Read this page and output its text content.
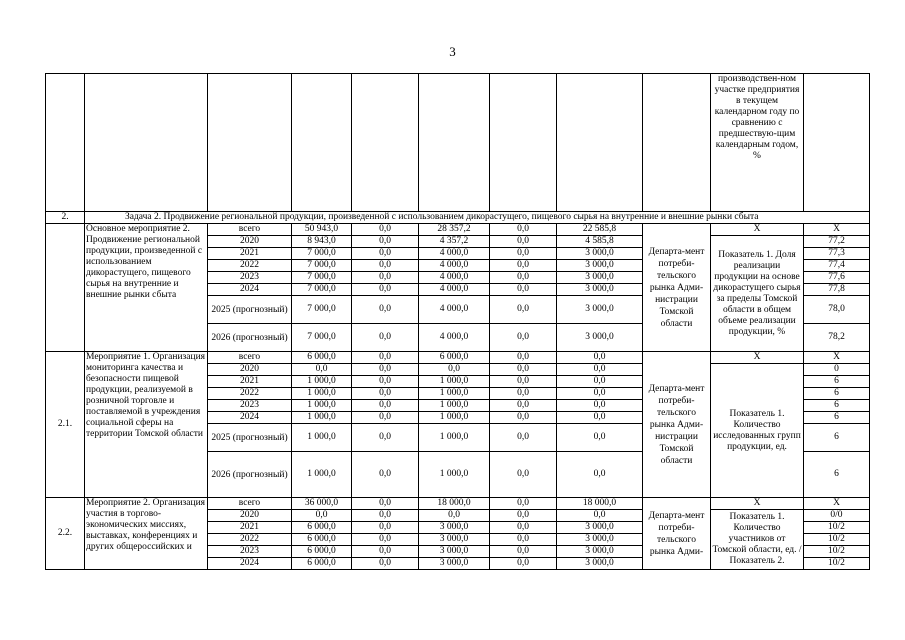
3
									производствен-ном участке предприятия в текущем календарном году по сравнению с предшествую-щим календарным годом, %	
2.	Задача 2. Продвижение региональной продукции, произведенной с использованием дикорастущего, пищевого сырья на внутренние и внешние рынки сбыта									
	Основное мероприятие 2. Продвижение региональной продукции, произведенной с использованием дикорастущего, пищевого сырья на внутренние и внешние рынки сбыта	всего	50 943,0	0,0	28 357,2	0,0	22 585,8	Департа-мент потреби-тельского рынка Адми-нистрации Томской области	X	X
		2020	8 943,0	0,0	4 357,2	0,0	4 585,8		Показатель 1. Доля реализации продукции на основе дикорастущего сырья за пределы Томской области в общем объеме реализации продукции, %	77,2
		2021	7 000,0	0,0	4 000,0	0,0	3 000,0			77,3
		2022	7 000,0	0,0	4 000,0	0,0	3 000,0			77,4
		2023	7 000,0	0,0	4 000,0	0,0	3 000,0			77,6
		2024	7 000,0	0,0	4 000,0	0,0	3 000,0			77,8
		2025 (прогнозный)	7 000,0	0,0	4 000,0	0,0	3 000,0			78,0
		2026 (прогнозный)	7 000,0	0,0	4 000,0	0,0	3 000,0			78,2
2.1.	Мероприятие 1. Организация мониторинга качества и безопасности пищевой продукции, реализуемой в розничной торговле и поставляемой в учреждения социальной сферы на территории Томской области	всего	6 000,0	0,0	6 000,0	0,0	0,0	Департа-мент потреби-тельского рынка Адми-нистрации Томской области	X	X
		2020	0,0	0,0	0,0	0,0	0,0		Показатель 1. Количество исследованных групп продукции, ед.	0
		2021	1 000,0	0,0	1 000,0	0,0	0,0			6
		2022	1 000,0	0,0	1 000,0	0,0	0,0			6
		2023	1 000,0	0,0	1 000,0	0,0	0,0			6
		2024	1 000,0	0,0	1 000,0	0,0	0,0			6
		2025 (прогнозный)	1 000,0	0,0	1 000,0	0,0	0,0			6
		2026 (прогнозный)	1 000,0	0,0	1 000,0	0,0	0,0			6
2.2.	Мероприятие 2. Организация участия в торгово-экономических миссиях, выставках, конференциях и других общероссийских и	всего	36 000,0	0,0	18 000,0	0,0	18 000,0	Департа-мент потреби-тельского рынка Адми-	X	X
		2020	0,0	0,0	0,0	0,0	0,0		Показатель 1. Количество участников от Томской области, ед. /Показатель 2.	0/0
		2021	6 000,0	0,0	3 000,0	0,0	3 000,0			10/2
		2022	6 000,0	0,0	3 000,0	0,0	3 000,0			10/2
		2023	6 000,0	0,0	3 000,0	0,0	3 000,0			10/2
		2024	6 000,0	0,0	3 000,0	0,0	3 000,0			10/2
